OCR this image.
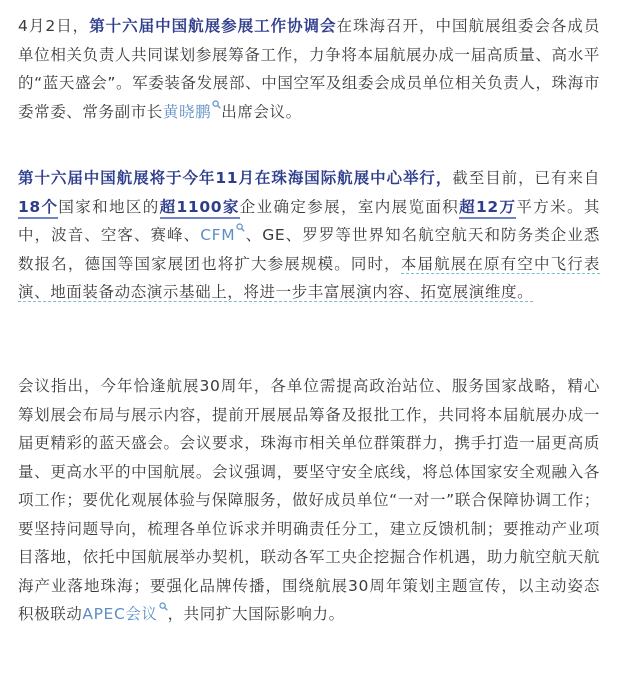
4月2日，第十六届中国航展参展工作协调会在珠海召开，中国航展组委会各成员单位相关负责人共同谋划参展筹备工作，力争将本届航展办成一届高质量、高水平的“蓝天盛会”。军委装备发展部、中国空军及组委会成员单位相关负责人，珠海市委常委、常务副市长黄晓鹏 出席会议。

第十六届中国航展将于今年11月在珠海国际航展中心举行，截至目前，已有来自18个国家和地区的超1100家企业确定参展，室内展览面积超12万平方米。其中，波音、空客、赛峰、CFM 、GE、罗罗等世界知名航空航天和防务类企业悉数报名，德国等国家展团也将扩大参展规模。同时，本届航展在原有空中飞行表演、地面装备动态演示基础上，将进一步丰富展演内容、拓宽展演维度。

会议指出，今年恰逢航展30周年，各单位需提高政治站位、服务国家战略，精心筹划展会布局与展示内容，提前开展展品筹备及报批工作，共同将本届航展办成一届更精彩的蓝天盛会。会议要求，珠海市相关单位群策群力，携手打造一届更高质量、更高水平的中国航展。会议强调，要坚守安全底线，将总体国家安全观融入各项工作；要优化观展体验与保障服务，做好成员单位“一对一”联合保障协调工作；要坚持问题导向，梳理各单位诉求并明确责任分工，建立反馈机制；要推动产业项目落地，依托中国航展举办契机，联动各军工央企挖掘合作机遇，助力航空航天航海产业落地珠海；要强化品牌传播，围绕航展30周年策划主题宣传，以主动姿态积极联动APEC会议 ，共同扩大国际影响力。
